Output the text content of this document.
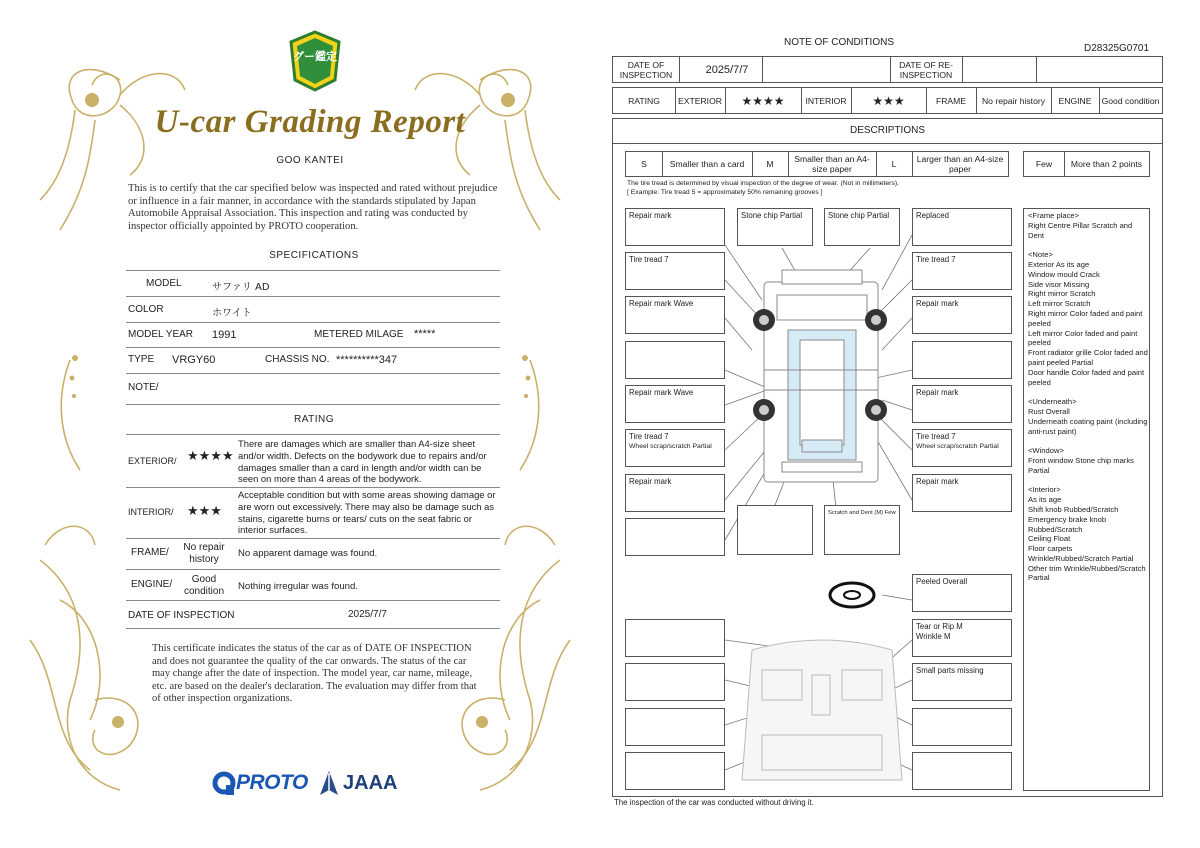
グー鑑定
U-car Grading Report
GOO KANTEI
This is to certify that the car specified below was inspected and rated without prejudice or influence in a fair manner, in accordance with the standards stipulated by Japan Automobile Appraisal Association. This inspection and rating was conducted by inspector officially appointed by PROTO cooperation.
SPECIFICATIONS
MODEL	サファリ AD
COLOR	ホワイト
MODEL YEAR 1991	METERED MILAGE *****
TYPE VRGY60	CHASSIS NO. **********347
NOTE/
RATING
EXTERIOR/ ★★★★
There are damages which are smaller than A4-size sheet and/or width. Defects on the bodywork due to repairs and/or damages smaller than a card in length and/or width can be seen on more than 4 areas of the bodywork.
INTERIOR/ ★★★
Acceptable condition but with some areas showing damage or are worn out excessively. There may also be damage such as stains, cigarette burns or tears/ cuts on the seat fabric or interior surfaces.
FRAME/	No repair history
No apparent damage was found.
ENGINE/	Good condition	Nothing irregular was found.
DATE OF INSPECTION	2025/7/7
This certificate indicates the status of the car as of DATE OF INSPECTION and does not guarantee the quality of the car onwards. The status of the car may change after the date of inspection. The model year, car name, mileage, etc. are based on the dealer's declaration. The evaluation may differ from that of other inspection organizations.
PROTO JAAA
NOTE OF CONDITIONS
D28325G0701
DATE OF INSPECTION	2025/7/7	DATE OF RE-INSPECTION
RATING	EXTERIOR	★★★★	INTERIOR	★★★	FRAME	No repair history	ENGINE	Good condition
DESCRIPTIONS
S	Smaller than a card	M	Smaller than an A4-size paper	L	Larger than an A4-size paper	Few	More than 2 points
The tire tread is determined by visual inspection of the degree of wear. (Not in millimeters).
[ Example: Tire tread 5 = approximately 50% remaining grooves ]
Repair mark
Tire tread 7
Repair mark Wave
Repair mark Wave
Tire tread 7
Wheel scrap/scratch Partial
Repair mark
Stone chip Partial	Stone chip Partial	Replaced
Tire tread 7
Repair mark
Repair mark
Tire tread 7
Wheel scrap/scratch Partial
Repair mark
Scratch and Dent (M) Few
Peeled Overall
Tear or Rip M
Wrinkle M
Small parts missing
<Frame place>
Right Centre Pillar Scratch and Dent
<Note>
Exterior As its age
Window mould Crack
Side visor Missing
Right mirror Scratch
Left mirror Scratch
Right mirror Color faded and paint peeled
Left mirror Color faded and paint peeled
Front radiator grille Color faded and paint peeled Partial
Door handle Color faded and paint peeled
<Underneath>
Rust Overall
Underneath coating paint (including anti-rust paint)
<Window>
Front window Stone chip marks Partial
<Interior>
As its age
Shift knob Rubbed/Scratch
Emergency brake knob Rubbed/Scratch
Ceiling Float
Floor carpets Wrinkle/Rubbed/Scratch Partial
Other trim Wrinkle/Rubbed/Scratch Partial
The inspection of the car was conducted without driving it.
